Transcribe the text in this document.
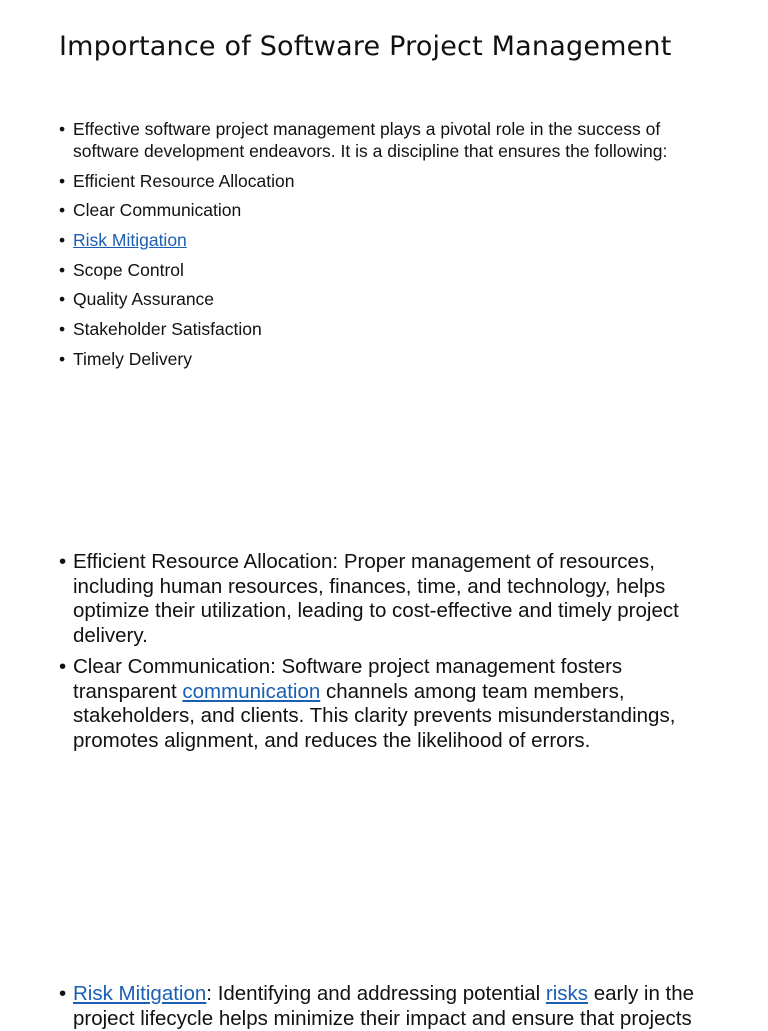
Importance of Software Project Management
• Effective software project management plays a pivotal role in the success of software development endeavors. It is a discipline that ensures the following:
• Efficient Resource Allocation
• Clear Communication
• Risk Mitigation
• Scope Control
• Quality Assurance
• Stakeholder Satisfaction
• Timely Delivery
• Efficient Resource Allocation: Proper management of resources, including human resources, finances, time, and technology, helps optimize their utilization, leading to cost-effective and timely project delivery.
• Clear Communication: Software project management fosters transparent communication channels among team members, stakeholders, and clients. This clarity prevents misunderstandings, promotes alignment, and reduces the likelihood of errors.
• Risk Mitigation: Identifying and addressing potential risks early in the project lifecycle helps minimize their impact and ensure that projects
